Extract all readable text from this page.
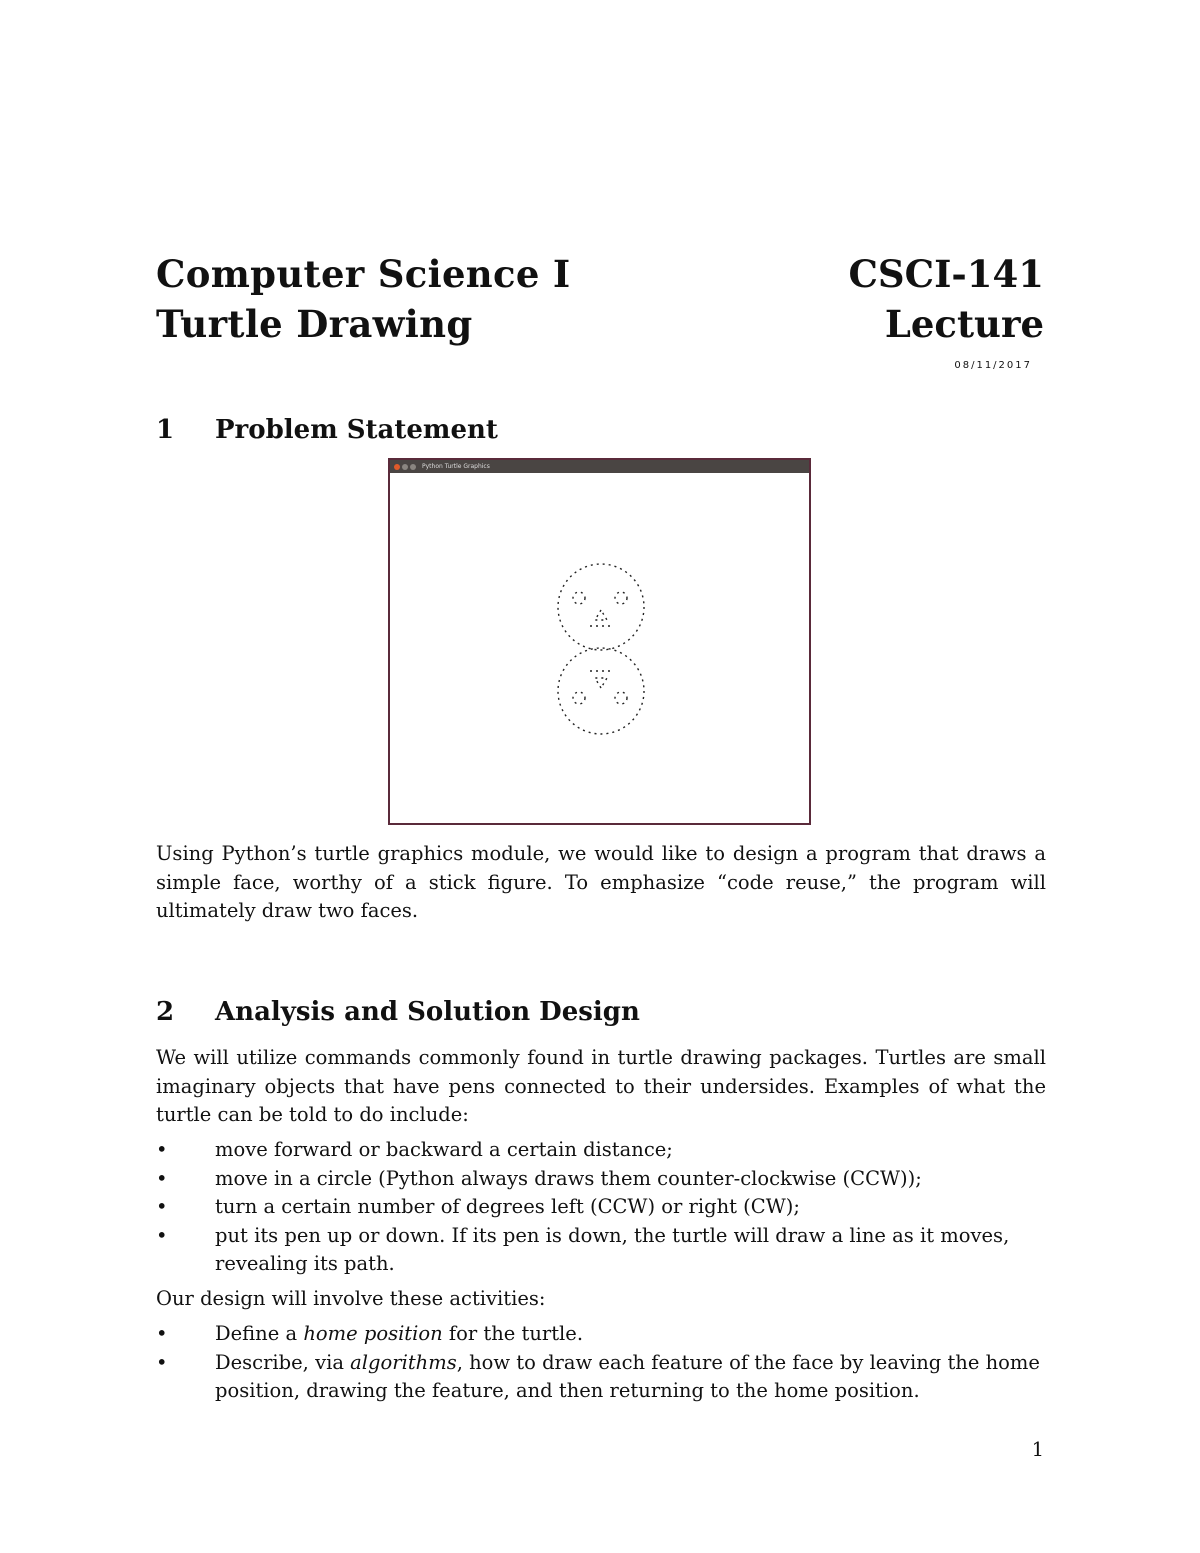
Computer Science I	CSCI-141
Turtle Drawing	Lecture
08/11/2017
1 Problem Statement
Python Turtle Graphics
Using Python’s turtle graphics module, we would like to design a program that draws a simple face, worthy of a stick figure. To emphasize “code reuse,” the program will ultimately draw two faces.
2 Analysis and Solution Design
We will utilize commands commonly found in turtle drawing packages. Turtles are small imaginary objects that have pens connected to their undersides. Examples of what the turtle can be told to do include:
• move forward or backward a certain distance;
• move in a circle (Python always draws them counter-clockwise (CCW));
• turn a certain number of degrees left (CCW) or right (CW);
• put its pen up or down. If its pen is down, the turtle will draw a line as it moves, revealing its path.
Our design will involve these activities:
• Define a home position for the turtle.
• Describe, via algorithms, how to draw each feature of the face by leaving the home position, drawing the feature, and then returning to the home position.
1
